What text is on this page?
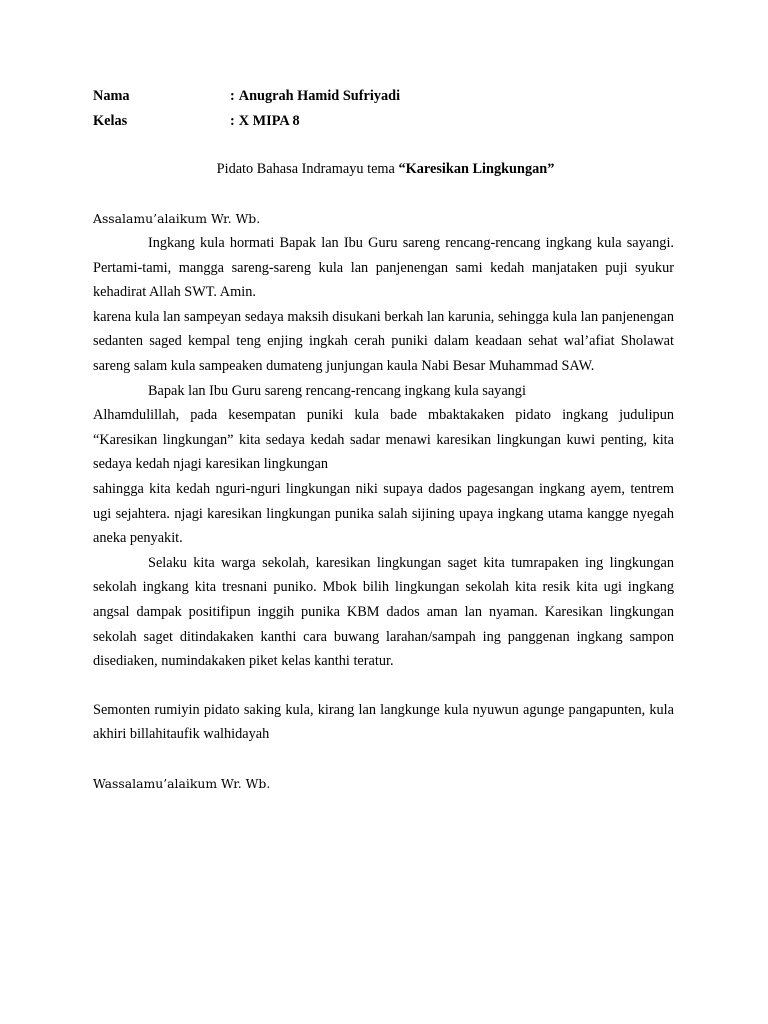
Nama	: Anugrah Hamid Sufriyadi
Kelas	: X MIPA 8
Pidato Bahasa Indramayu tema “Karesikan Lingkungan”
Assalamu’alaikum Wr. Wb.

Ingkang kula hormati Bapak lan Ibu Guru sareng rencang-rencang ingkang kula sayangi. Pertami-tami, mangga sareng-sareng kula lan panjenengan sami kedah manjataken puji syukur kehadirat Allah SWT. Amin.

karena kula lan sampeyan sedaya maksih disukani berkah lan karunia, sehingga kula lan panjenengan sedanten saged kempal teng enjing ingkah cerah puniki dalam keadaan sehat wal’afiat Sholawat sareng salam kula sampeaken dumateng junjungan kaula Nabi Besar Muhammad SAW.

Bapak lan Ibu Guru sareng rencang-rencang ingkang kula sayangi

Alhamdulillah, pada kesempatan puniki kula bade mbaktakaken pidato ingkang judulipun “Karesikan lingkungan” kita sedaya kedah sadar menawi karesikan lingkungan kuwi penting, kita sedaya kedah njagi karesikan lingkungan

sahingga kita kedah nguri-nguri lingkungan niki supaya dados pagesangan ingkang ayem, tentrem ugi sejahtera. njagi karesikan lingkungan punika salah sijining upaya ingkang utama kangge nyegah aneka penyakit.

Selaku kita warga sekolah, karesikan lingkungan saget kita tumrapaken ing lingkungan sekolah ingkang kita tresnani puniko. Mbok bilih lingkungan sekolah kita resik kita ugi ingkang angsal dampak positifipun inggih punika KBM dados aman lan nyaman. Karesikan lingkungan sekolah saget ditindakaken kanthi cara buwang larahan/sampah ing panggenan ingkang sampon disediaken, numindakaken piket kelas kanthi teratur.

Semonten rumiyin pidato saking kula, kirang lan langkunge kula nyuwun agunge pangapunten, kula akhiri billahitaufik walhidayah

Wassalamu’alaikum Wr. Wb.
